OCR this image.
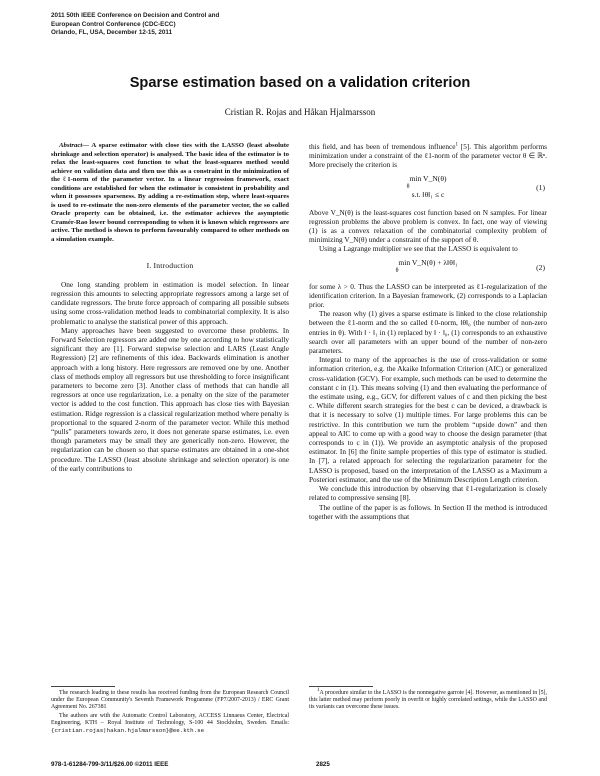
2011 50th IEEE Conference on Decision and Control and
European Control Conference (CDC-ECC)
Orlando, FL, USA, December 12-15, 2011
Sparse estimation based on a validation criterion
Cristian R. Rojas and Håkan Hjalmarsson

Abstract— A sparse estimator with close ties with the LASSO (least absolute shrinkage and selection operator) is analysed. The basic idea of the estimator is to relax the least-squares cost function to what the least-squares method would achieve on validation data and then use this as a constraint in the minimization of the ℓ1-norm of the parameter vector. In a linear regression framework, exact conditions are established for when the estimator is consistent in probability and when it possesses sparseness. By adding a re-estimation step, where least-squares is used to re-estimate the non-zero elements of the parameter vector, the so called Oracle property can be obtained, i.e. the estimator achieves the asymptotic Cramér-Rao lower bound corresponding to when it is known which regressors are active. The method is shown to perform favourably compared to other methods on a simulation example.

I. Introduction

One long standing problem in estimation is model selection. In linear regression this amounts to selecting appropriate regressors among a large set of candidate regressors. The brute force approach of comparing all possible subsets using some cross-validation method leads to combinatorial complexity. It is also problematic to analyse the statistical power of this approach.

Many approaches have been suggested to overcome these problems. In Forward Selection regressors are added one by one according to how statistically significant they are [1]. Forward stepwise selection and LARS (Least Angle Regression) [2] are refinements of this idea. Backwards elimination is another approach with a long history. Here regressors are removed one by one. Another class of methods employ all regressors but use thresholding to force insignificant parameters to become zero [3]. Another class of methods that can handle all regressors at once use regularization, i.e. a penalty on the size of the parameter vector is added to the cost function. This approach has close ties with Bayesian estimation. Ridge regression is a classical regularization method where penalty is proportional to the squared 2-norm of the parameter vector. While this method “pulls” parameters towards zero, it does not generate sparse estimates, i.e. even though parameters may be small they are generically non-zero. However, the regularization can be chosen so that sparse estimates are obtained in a one-shot procedure. The LASSO (least absolute shrinkage and selection operator) is one of the early contributions to

this field, and has been of tremendous influence$^1$ [5]. This algorithm performs minimization under a constraint of the ℓ1-norm of the parameter vector θ ∈ ℝⁿ. More precisely the criterion is

min V_N(θ)
θ
s.t. ‖θ‖₁ ≤ c
(1)

Above V_N(θ) is the least-squares cost function based on N samples. For linear regression problems the above problem is convex. In fact, one way of viewing (1) is as a convex relaxation of the combinatorial complexity problem of minimizing V_N(θ) under a constraint of the support of θ.

Using a Lagrange multiplier we see that the LASSO is equivalent to

min V_N(θ) + λ‖θ‖₁
θ	(2)

for some λ > 0. Thus the LASSO can be interpreted as ℓ1-regularization of the identification criterion. In a Bayesian framework, (2) corresponds to a Laplacian prior.

The reason why (1) gives a sparse estimate is linked to the close relationship between the ℓ1-norm and the so called ℓ0-norm, ‖θ‖₀ (the number of non-zero entries in θ). With ‖ · ‖₁ in (1) replaced by ‖ · ‖₀, (1) corresponds to an exhaustive search over all parameters with an upper bound of the number of non-zero parameters.

Integral to many of the approaches is the use of cross-validation or some information criterion, e.g. the Akaike Information Criterion (AIC) or generalized cross-validation (GCV). For example, such methods can be used to determine the constant c in (1). This means solving (1) and then evaluating the performance of the estimate using, e.g., GCV, for different values of c and then picking the best c. While different search strategies for the best c can be deviced, a drawback is that it is necessary to solve (1) multiple times. For large problems this can be restrictive. In this contribution we turn the problem “upside down” and then appeal to AIC to come up with a good way to choose the design parameter (that corresponds to c in (1)). We provide an asymptotic analysis of the proposed estimator. In [6] the finite sample properties of this type of estimator is studied. In [7], a related approach for selecting the regularization parameter for the LASSO is proposed, based on the interpretation of the LASSO as a Maximum a Posteriori estimator, and the use of the Minimum Description Length criterion.

We conclude this introduction by observing that ℓ1-regularization is closely related to compressive sensing [8].

The outline of the paper is as follows. In Section II the method is introduced together with the assumptions that

The research leading to these results has received funding from the European Research Council under the European Community's Seventh Framework Programme (FP7/2007-2013) / ERC Grant Agreement No. 267381

The authors are with the Automatic Control Laboratory, ACCESS Linnaeus Center, Electrical Engineering, KTH – Royal Institute of Technology, S-100 44 Stockholm, Sweden. Emails: {cristian.rojas|hakan.hjalmarsson}@ee.kth.se

$^1$A procedure similar to the LASSO is the nonnegative garrote [4]. However, as mentioned in [5], this latter method may perform poorly in overfit or highly correlated settings, while the LASSO and its variants can overcome these issues.

978-1-61284-799-3/11/$26.00 ©2011 IEEE	2825
